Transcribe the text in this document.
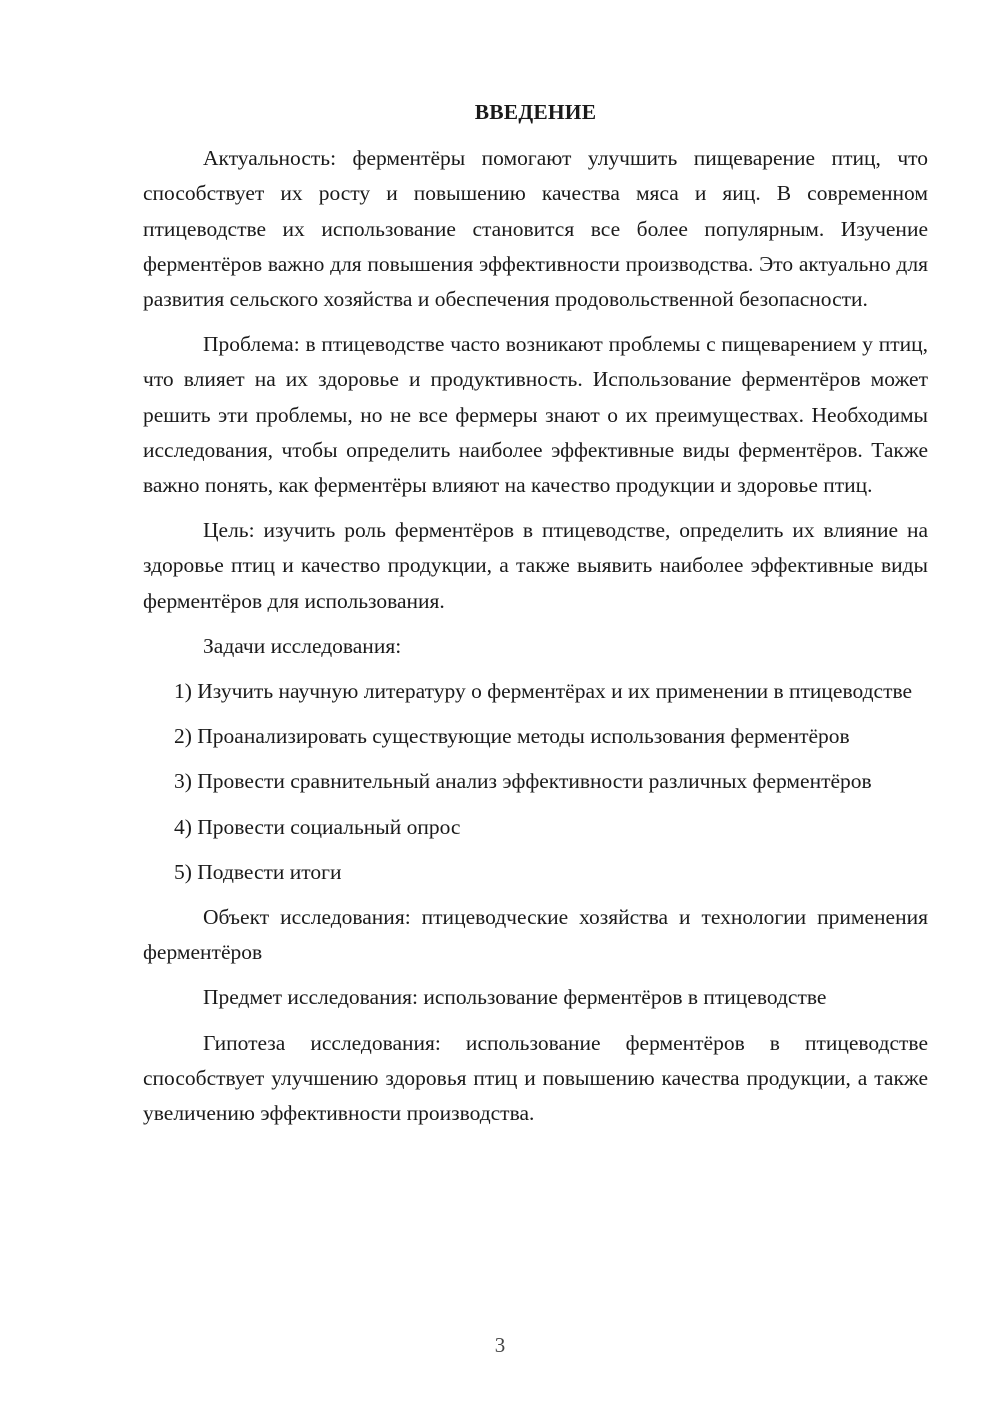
ВВЕДЕНИЕ

Актуальность: ферментёры помогают улучшить пищеварение птиц, что способствует их росту и повышению качества мяса и яиц. В современном птицеводстве их использование становится все более популярным. Изучение ферментёров важно для повышения эффективности производства. Это актуально для развития сельского хозяйства и обеспечения продовольственной безопасности.

Проблема: в птицеводстве часто возникают проблемы с пищеварением у птиц, что влияет на их здоровье и продуктивность. Использование ферментёров может решить эти проблемы, но не все фермеры знают о их преимуществах. Необходимы исследования, чтобы определить наиболее эффективные виды ферментёров. Также важно понять, как ферментёры влияют на качество продукции и здоровье птиц.

Цель: изучить роль ферментёров в птицеводстве, определить их влияние на здоровье птиц и качество продукции, а также выявить наиболее эффективные виды ферментёров для использования.

Задачи исследования:

1) Изучить научную литературу о ферментёрах и их применении в птицеводстве

2) Проанализировать существующие методы использования ферментёров

3) Провести сравнительный анализ эффективности различных ферментёров

4) Провести социальный опрос

5) Подвести итоги

Объект исследования: птицеводческие хозяйства и технологии применения ферментёров

Предмет исследования: использование ферментёров в птицеводстве

Гипотеза исследования: использование ферментёров в птицеводстве способствует улучшению здоровья птиц и повышению качества продукции, а также увеличению эффективности производства.

3
